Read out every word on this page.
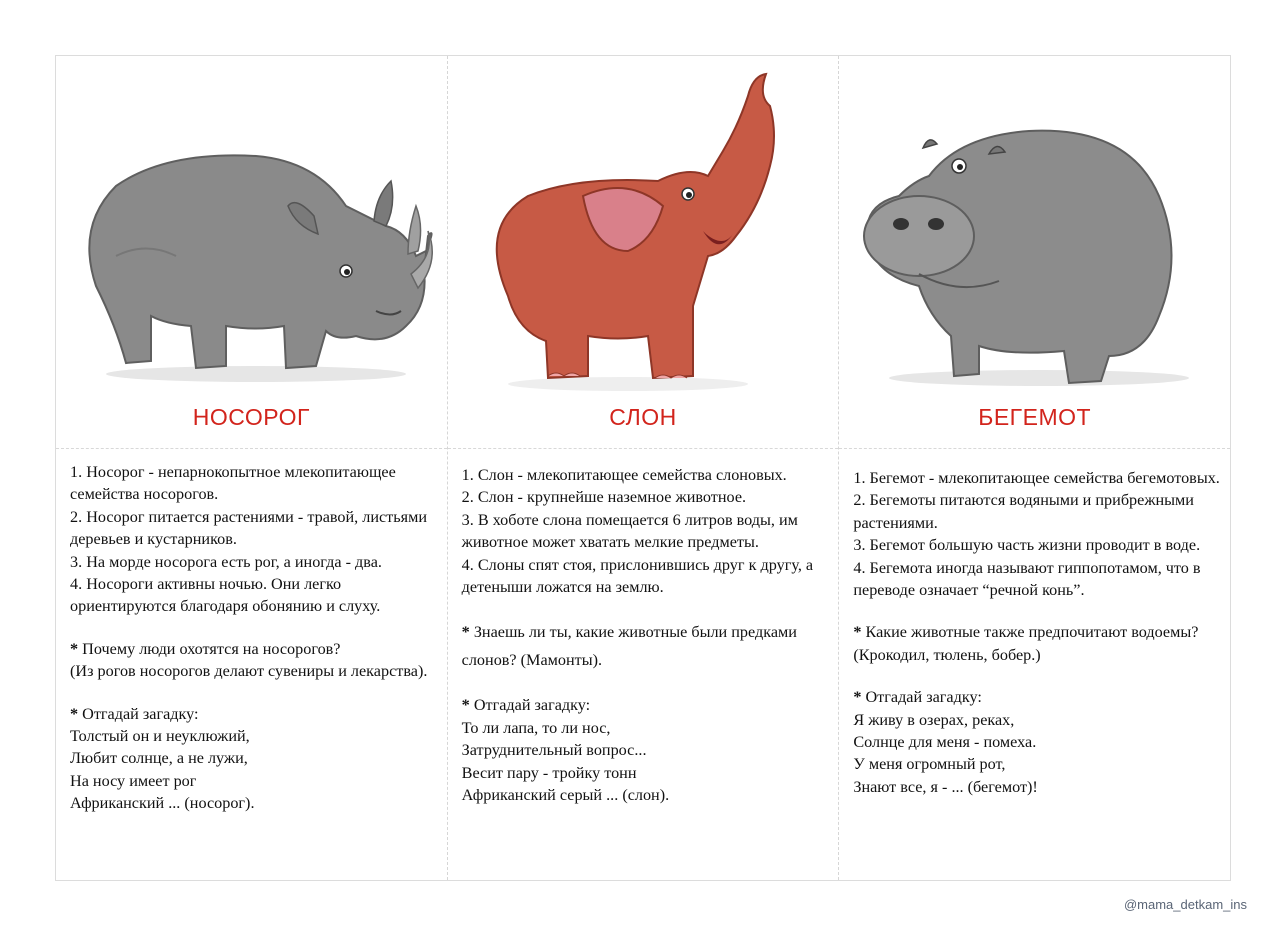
НОСОРОГ

1. Носорог - непарнокопытное млекопитающее семейства носорогов.

2. Носорог питается растениями - травой, листьями деревьев и кустарников.

3. На морде носорога есть рог, а иногда - два.

4. Носороги активны ночью. Они легко ориентируются благодаря обонянию и слуху.

* Почему люди охотятся на носорогов?

(Из рогов носорогов делают сувениры и лекарства).

* Отгадай загадку:

Толстый он и неуклюжий,

Любит солнце, а не лужи,

На носу имеет рог

Африканский ... (носорог).

СЛОН

1. Слон - млекопитающее семейства слоновых.

2. Слон - крупнейше наземное животное.

3. В хоботе слона помещается 6 литров воды, им животное может хватать мелкие предметы.

4. Слоны спят стоя, прислонившись друг к другу, а детеныши ложатся на землю.

* Знаешь ли ты, какие животные были предками слонов? (Мамонты).

* Отгадай загадку:

То ли лапа, то ли нос,

Затруднительный вопрос...

Весит пару - тройку тонн

Африканский серый ... (слон).

БЕГЕМОТ

1. Бегемот - млекопитающее семейства бегемотовых.

2. Бегемоты питаются водяными и прибрежными растениями.

3. Бегемот большую часть жизни проводит в воде.

4. Бегемота иногда называют гиппопотамом, что в переводе означает “речной конь”.

* Какие животные также предпочитают водоемы?

(Крокодил, тюлень, бобер.)

* Отгадай загадку:

Я живу в озерах, реках,

Солнце для меня - помеха.

У меня огромный рот,

Знают все, я - ... (бегемот)!

@mama_detkam_ins
